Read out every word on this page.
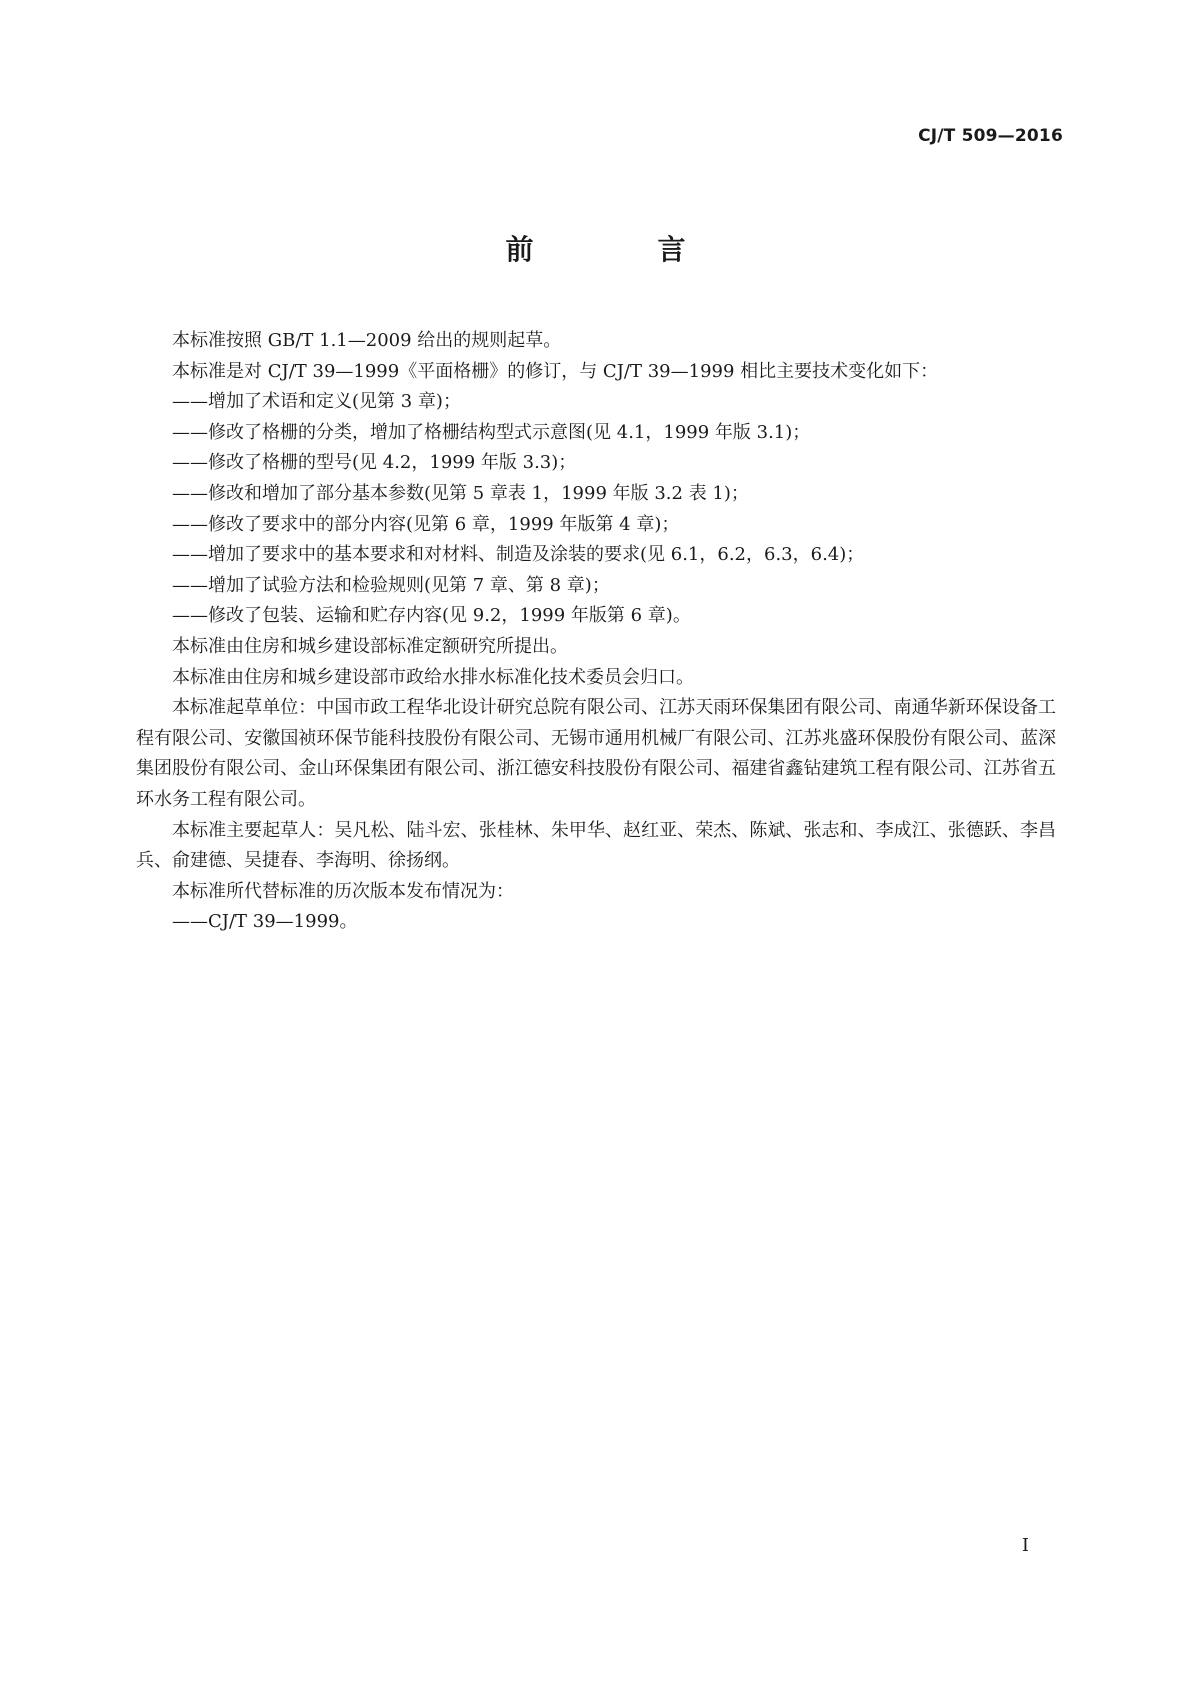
CJ/T 509—2016
前　言

本标准按照 GB/T 1.1—2009 给出的规则起草。

本标准是对 CJ/T 39—1999《平面格栅》的修订，与 CJ/T 39—1999 相比主要技术变化如下：

——增加了术语和定义(见第 3 章)；

——修改了格栅的分类，增加了格栅结构型式示意图(见 4.1，1999 年版 3.1)；

——修改了格栅的型号(见 4.2，1999 年版 3.3)；

——修改和增加了部分基本参数(见第 5 章表 1，1999 年版 3.2 表 1)；

——修改了要求中的部分内容(见第 6 章，1999 年版第 4 章)；

——增加了要求中的基本要求和对材料、制造及涂装的要求(见 6.1，6.2，6.3，6.4)；

——增加了试验方法和检验规则(见第 7 章、第 8 章)；

——修改了包装、运输和贮存内容(见 9.2，1999 年版第 6 章)。

本标准由住房和城乡建设部标准定额研究所提出。

本标准由住房和城乡建设部市政给水排水标准化技术委员会归口。

本标准起草单位：中国市政工程华北设计研究总院有限公司、江苏天雨环保集团有限公司、南通华新环保设备工程有限公司、安徽国祯环保节能科技股份有限公司、无锡市通用机械厂有限公司、江苏兆盛环保股份有限公司、蓝深集团股份有限公司、金山环保集团有限公司、浙江德安科技股份有限公司、福建省鑫钻建筑工程有限公司、江苏省五环水务工程有限公司。

本标准主要起草人：吴凡松、陆斗宏、张桂林、朱甲华、赵红亚、荣杰、陈斌、张志和、李成江、张德跃、李昌兵、俞建德、吴捷春、李海明、徐扬纲。

本标准所代替标准的历次版本发布情况为：

——CJ/T 39—1999。

I
